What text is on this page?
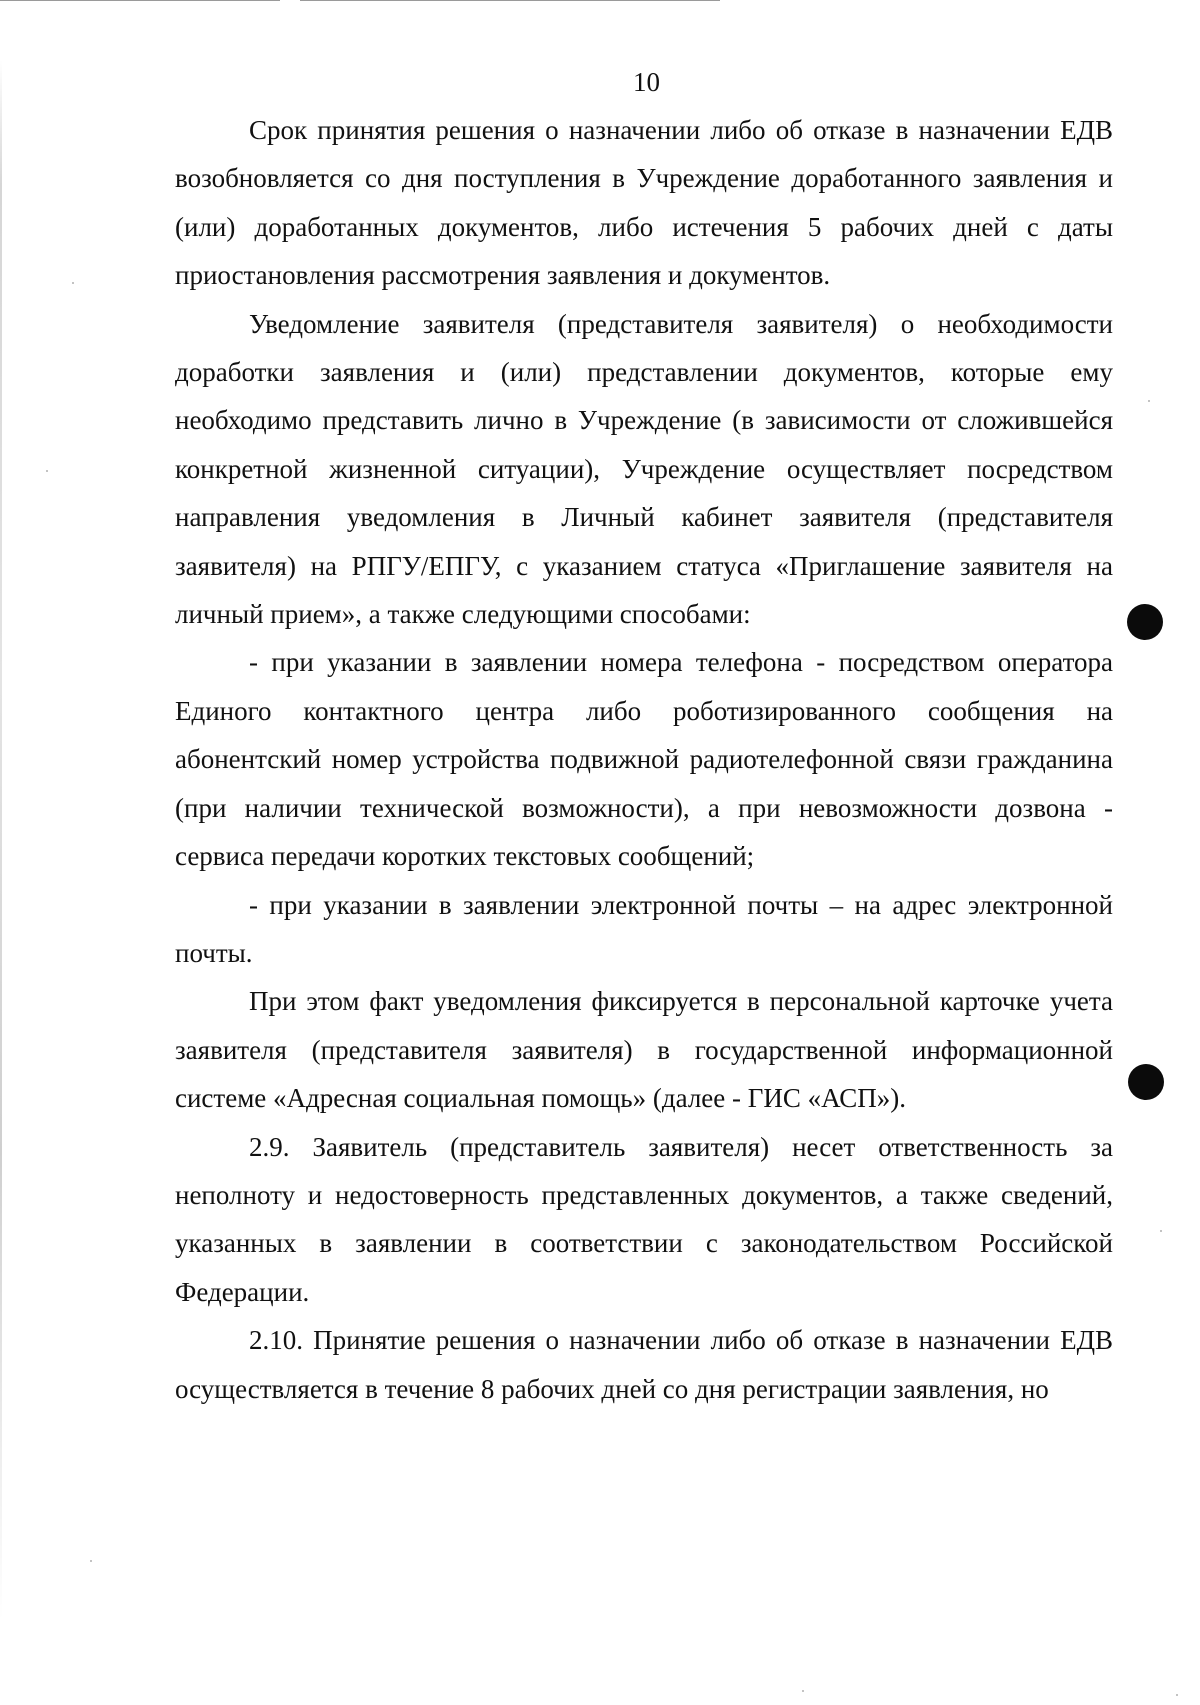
10

Срок принятия решения о назначении либо об отказе в назначении ЕДВ возобновляется со дня поступления в Учреждение доработанного заявления и (или) доработанных документов, либо истечения 5 рабочих дней с даты приостановления рассмотрения заявления и документов.

Уведомление заявителя (представителя заявителя) о необходимости доработки заявления и (или) представлении документов, которые ему необходимо представить лично в Учреждение (в зависимости от сложившейся конкретной жизненной ситуации), Учреждение осуществляет посредством направления уведомления в Личный кабинет заявителя (представителя заявителя) на РПГУ/ЕПГУ, с указанием статуса «Приглашение заявителя на личный прием», а также следующими способами:

- при указании в заявлении номера телефона - посредством оператора Единого контактного центра либо роботизированного сообщения на абонентский номер устройства подвижной радиотелефонной связи гражданина (при наличии технической возможности), а при невозможности дозвона - сервиса передачи коротких текстовых сообщений;

- при указании в заявлении электронной почты – на адрес электронной почты.

При этом факт уведомления фиксируется в персональной карточке учета заявителя (представителя заявителя) в государственной информационной системе «Адресная социальная помощь» (далее - ГИС «АСП»).

2.9. Заявитель (представитель заявителя) несет ответственность за неполноту и недостоверность представленных документов, а также сведений, указанных в заявлении в соответствии с законодательством Российской Федерации.

2.10. Принятие решения о назначении либо об отказе в назначении ЕДВ осуществляется в течение 8 рабочих дней со дня регистрации заявления, но
